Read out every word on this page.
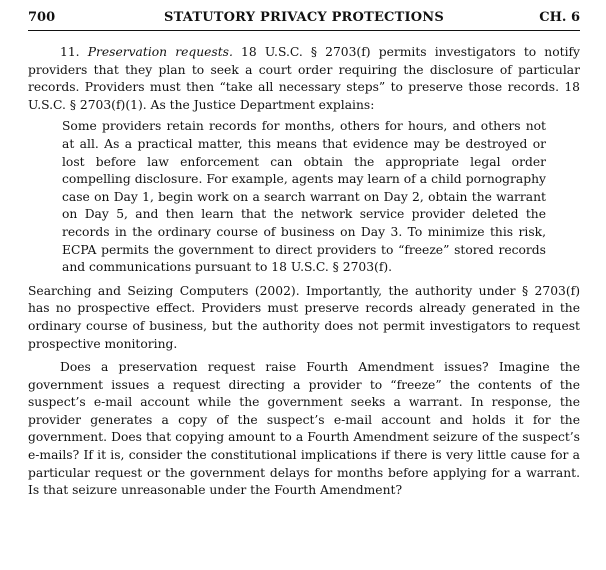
700	STATUTORY PRIVACY PROTECTIONS	CH. 6

11. Preservation requests. 18 U.S.C. § 2703(f) permits investigators to notify providers that they plan to seek a court order requiring the disclosure of particular records. Providers must then “take all necessary steps” to preserve those records. 18 U.S.C. § 2703(f)(1). As the Justice Department explains:

Some providers retain records for months, others for hours, and others not at all. As a practical matter, this means that evidence may be destroyed or lost before law enforcement can obtain the appropriate legal order compelling disclosure. For example, agents may learn of a child pornography case on Day 1, begin work on a search warrant on Day 2, obtain the warrant on Day 5, and then learn that the network service provider deleted the records in the ordinary course of business on Day 3. To minimize this risk, ECPA permits the government to direct providers to “freeze” stored records and communications pursuant to 18 U.S.C. § 2703(f).

Searching and Seizing Computers (2002). Importantly, the authority under § 2703(f) has no prospective effect. Providers must preserve records already generated in the ordinary course of business, but the authority does not permit investigators to request prospective monitoring.

Does a preservation request raise Fourth Amendment issues? Imagine the government issues a request directing a provider to “freeze” the contents of the suspect’s e-mail account while the government seeks a warrant. In response, the provider generates a copy of the suspect’s e-mail account and holds it for the government. Does that copying amount to a Fourth Amendment seizure of the suspect’s e-mails? If it is, consider the constitutional implications if there is very little cause for a particular request or the government delays for months before applying for a warrant. Is that seizure unreasonable under the Fourth Amendment?
